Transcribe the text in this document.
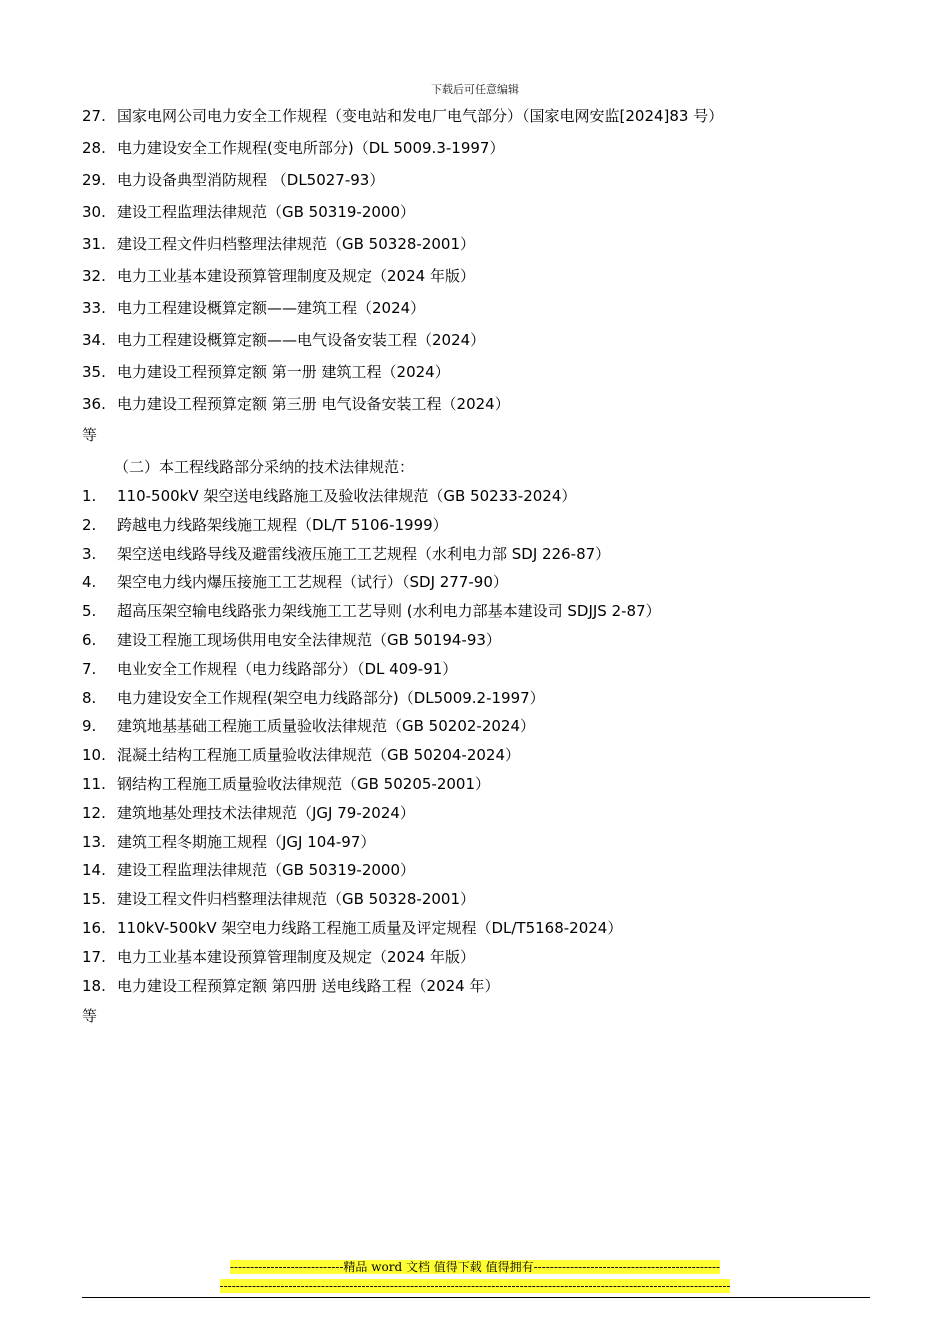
下载后可任意编辑
27. 国家电网公司电力安全工作规程（变电站和发电厂电气部分）（国家电网安监[2024]83 号）
28. 电力建设安全工作规程(变电所部分)（DL 5009.3-1997）
29. 电力设备典型消防规程 （DL5027-93）
30. 建设工程监理法律规范（GB 50319-2000）
31. 建设工程文件归档整理法律规范（GB 50328-2001）
32. 电力工业基本建设预算管理制度及规定（2024 年版）
33. 电力工程建设概算定额——建筑工程（2024）
34. 电力工程建设概算定额——电气设备安装工程（2024）
35. 电力建设工程预算定额 第一册 建筑工程（2024）
36. 电力建设工程预算定额 第三册 电气设备安装工程（2024）
等
（二）本工程线路部分采纳的技术法律规范：
1. 110-500kV 架空送电线路施工及验收法律规范（GB 50233-2024）
2. 跨越电力线路架线施工规程（DL/T 5106-1999）
3. 架空送电线路导线及避雷线液压施工工艺规程（水利电力部 SDJ 226-87）
4. 架空电力线内爆压接施工工艺规程（试行）（SDJ 277-90）
5. 超高压架空输电线路张力架线施工工艺导则 (水利电力部基本建设司 SDJJS 2-87）
6. 建设工程施工现场供用电安全法律规范（GB 50194-93）
7. 电业安全工作规程（电力线路部分）（DL 409-91）
8. 电力建设安全工作规程(架空电力线路部分)（DL5009.2-1997）
9. 建筑地基基础工程施工质量验收法律规范（GB 50202-2024）
10. 混凝土结构工程施工质量验收法律规范（GB 50204-2024）
11. 钢结构工程施工质量验收法律规范（GB 50205-2001）
12. 建筑地基处理技术法律规范（JGJ 79-2024）
13. 建筑工程冬期施工规程（JGJ 104-97）
14. 建设工程监理法律规范（GB 50319-2000）
15. 建设工程文件归档整理法律规范（GB 50328-2001）
16. 110kV-500kV 架空电力线路工程施工质量及评定规程（DL/T5168-2024）
17. 电力工业基本建设预算管理制度及规定（2024 年版）
18. 电力建设工程预算定额 第四册 送电线路工程（2024 年）
等
----------------------------精品 word 文档 值得下载 值得拥有----------------------------------------------
------------------------------------------------------------------------------------------------------------------------------
